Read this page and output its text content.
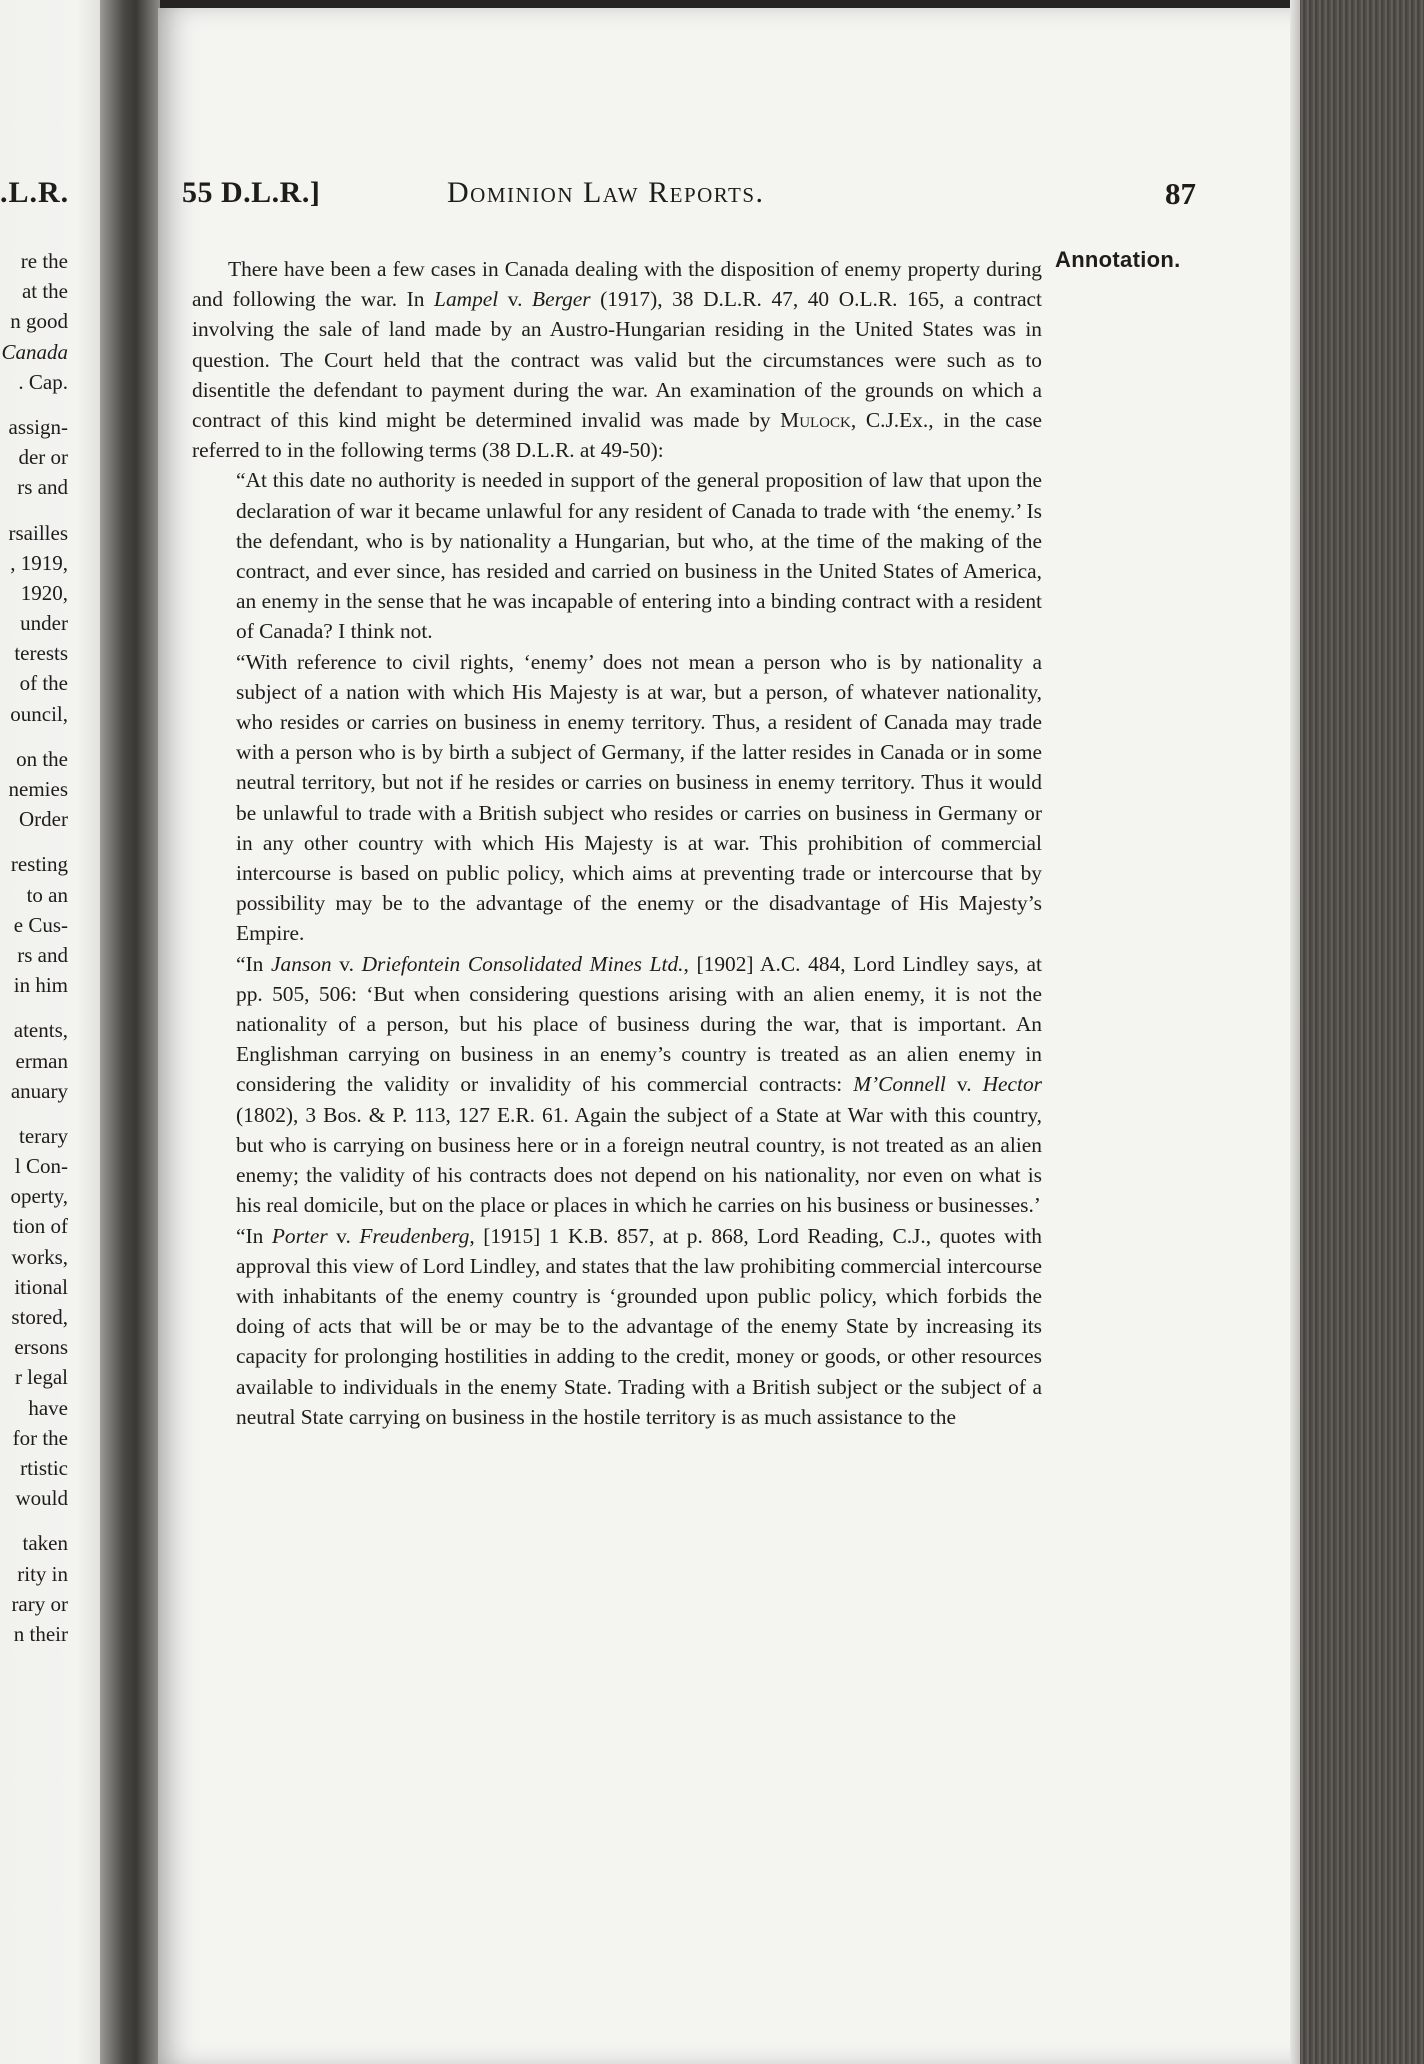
.L.R.
re the
at the
n good
Canada
. Cap.
assign-
der or
rs and
rsailles
, 1919,
1920,
under
terests
of the
ouncil,
on the
nemies
Order
resting
to an
e Cus-
rs and
in him
atents,
erman
anuary
terary
l Con-
operty,
tion of
works,
itional
stored,
ersons
r legal
have
for the
rtistic
would
taken
rity in
rary or
n their
55 D.L.R.]	Dominion Law Reports.	87
Annotation.

There have been a few cases in Canada dealing with the disposition of enemy property during and following the war. In Lampel v. Berger (1917), 38 D.L.R. 47, 40 O.L.R. 165, a contract involving the sale of land made by an Austro-Hungarian residing in the United States was in question. The Court held that the contract was valid but the circumstances were such as to disentitle the defendant to payment during the war. An examination of the grounds on which a contract of this kind might be determined invalid was made by Mulock, C.J.Ex., in the case referred to in the following terms (38 D.L.R. at 49-50):

“At this date no authority is needed in support of the general proposition of law that upon the declaration of war it became unlawful for any resident of Canada to trade with ‘the enemy.’ Is the defendant, who is by nationality a Hungarian, but who, at the time of the making of the contract, and ever since, has resided and carried on business in the United States of America, an enemy in the sense that he was incapable of entering into a binding contract with a resident of Canada? I think not.

“With reference to civil rights, ‘enemy’ does not mean a person who is by nationality a subject of a nation with which His Majesty is at war, but a person, of whatever nationality, who resides or carries on business in enemy territory. Thus, a resident of Canada may trade with a person who is by birth a subject of Germany, if the latter resides in Canada or in some neutral territory, but not if he resides or carries on business in enemy territory. Thus it would be unlawful to trade with a British subject who resides or carries on business in Germany or in any other country with which His Majesty is at war. This prohibition of commercial intercourse is based on public policy, which aims at preventing trade or intercourse that by possibility may be to the advantage of the enemy or the disadvantage of His Majesty’s Empire.

“In Janson v. Driefontein Consolidated Mines Ltd., [1902] A.C. 484, Lord Lindley says, at pp. 505, 506: ‘But when considering questions arising with an alien enemy, it is not the nationality of a person, but his place of business during the war, that is important. An Englishman carrying on business in an enemy’s country is treated as an alien enemy in considering the validity or invalidity of his commercial contracts: M’Connell v. Hector (1802), 3 Bos. & P. 113, 127 E.R. 61. Again the subject of a State at War with this country, but who is carrying on business here or in a foreign neutral country, is not treated as an alien enemy; the validity of his contracts does not depend on his nationality, nor even on what is his real domicile, but on the place or places in which he carries on his business or businesses.’

“In Porter v. Freudenberg, [1915] 1 K.B. 857, at p. 868, Lord Reading, C.J., quotes with approval this view of Lord Lindley, and states that the law prohibiting commercial intercourse with inhabitants of the enemy country is ‘grounded upon public policy, which forbids the doing of acts that will be or may be to the advantage of the enemy State by increasing its capacity for prolonging hostilities in adding to the credit, money or goods, or other resources available to individuals in the enemy State. Trading with a British subject or the subject of a neutral State carrying on business in the hostile territory is as much assistance to the
